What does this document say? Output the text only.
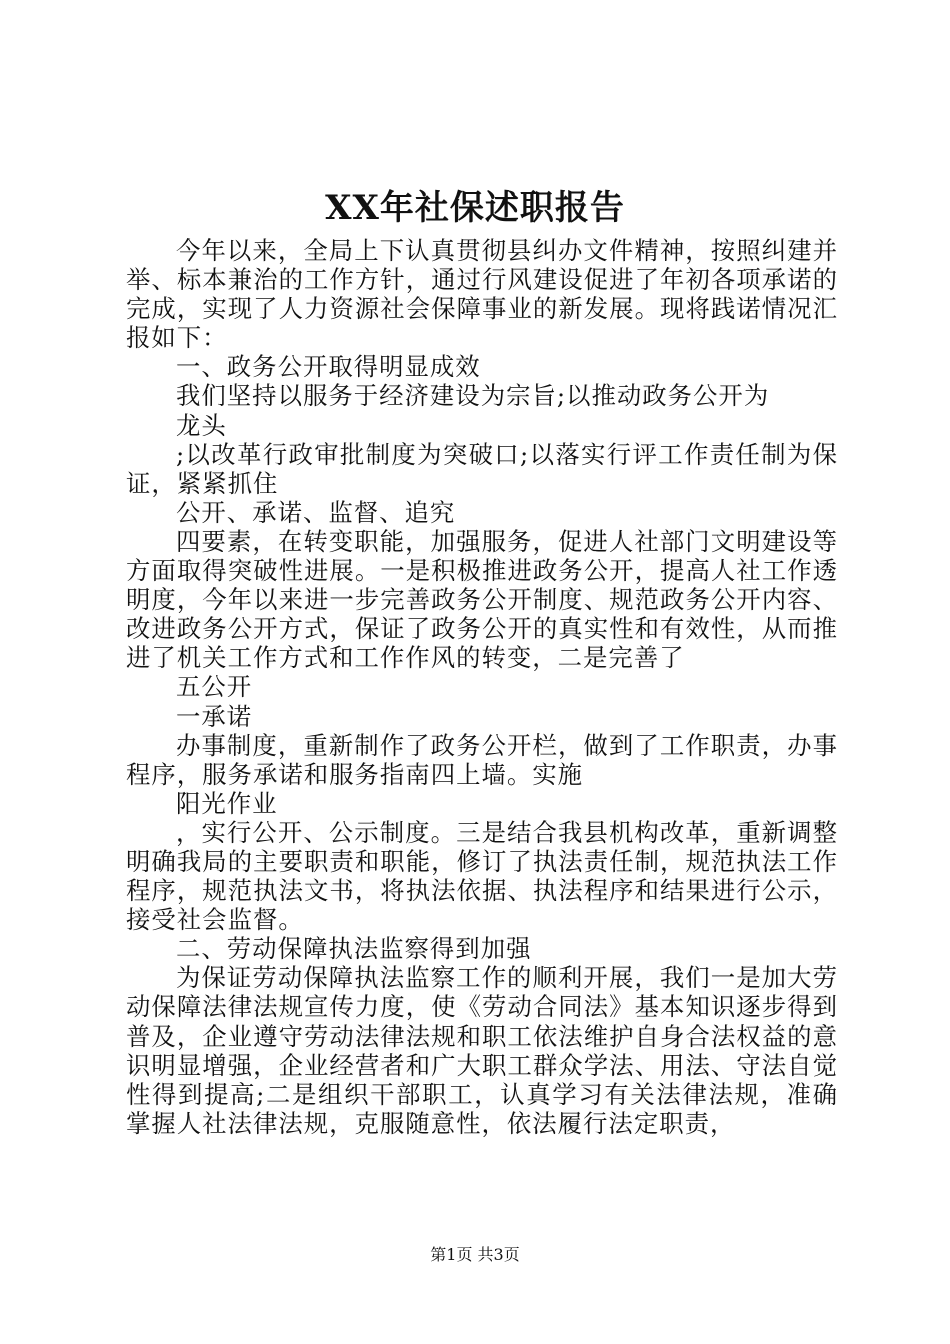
XX年社保述职报告

今年以来，全局上下认真贯彻县纠办文件精神，按照纠建并举、标本兼治的工作方针，通过行风建设促进了年初各项承诺的完成，实现了人力资源社会保障事业的新发展。现将践诺情况汇报如下：

一、政务公开取得明显成效

我们坚持以服务于经济建设为宗旨;以推动政务公开为

龙头

;以改革行政审批制度为突破口;以落实行评工作责任制为保证，紧紧抓住

公开、承诺、监督、追究

四要素，在转变职能，加强服务，促进人社部门文明建设等方面取得突破性进展。一是积极推进政务公开，提高人社工作透明度，今年以来进一步完善政务公开制度、规范政务公开内容、改进政务公开方式，保证了政务公开的真实性和有效性，从而推进了机关工作方式和工作作风的转变，二是完善了

五公开

一承诺

办事制度，重新制作了政务公开栏，做到了工作职责，办事程序，服务承诺和服务指南四上墙。实施

阳光作业

，实行公开、公示制度。三是结合我县机构改革，重新调整明确我局的主要职责和职能，修订了执法责任制，规范执法工作程序，规范执法文书，将执法依据、执法程序和结果进行公示，接受社会监督。

二、劳动保障执法监察得到加强

为保证劳动保障执法监察工作的顺利开展，我们一是加大劳动保障法律法规宣传力度，使《劳动合同法》基本知识逐步得到普及，企业遵守劳动法律法规和职工依法维护自身合法权益的意识明显增强，企业经营者和广大职工群众学法、用法、守法自觉性得到提高;二是组织干部职工，认真学习有关法律法规，准确掌握人社法律法规，克服随意性，依法履行法定职责，

第1页 共3页
